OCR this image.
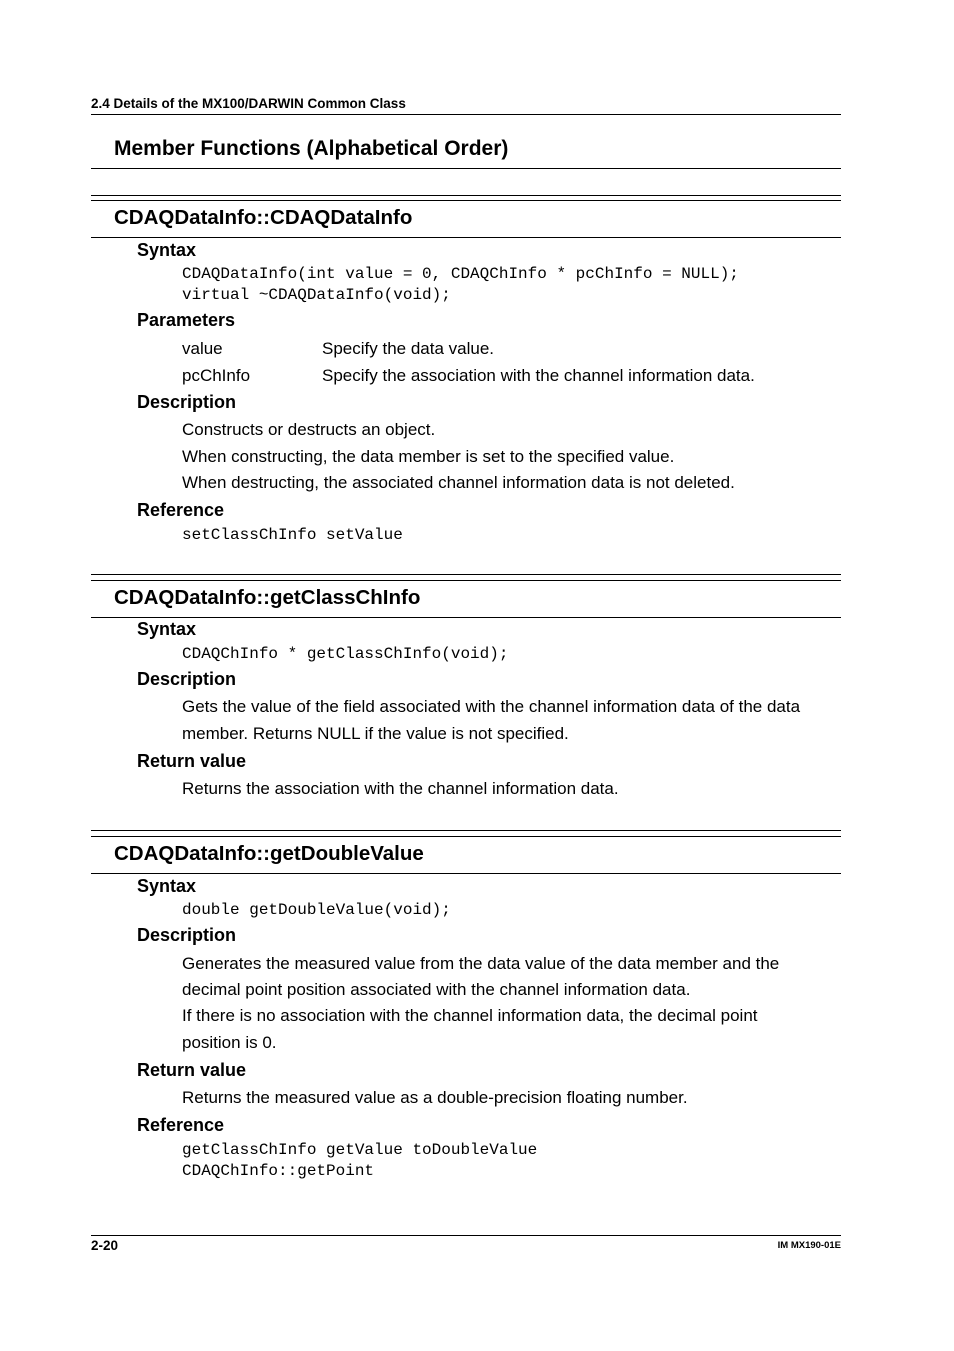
2.4 Details of the MX100/DARWIN Common Class
Member Functions (Alphabetical Order)
CDAQDataInfo::CDAQDataInfo
Syntax
CDAQDataInfo(int value = 0, CDAQChInfo * pcChInfo = NULL);
virtual ~CDAQDataInfo(void);
Parameters
value	Specify the data value.
pcChInfo	Specify the association with the channel information data.
Description
Constructs or destructs an object.
When constructing, the data member is set to the specified value.
When destructing, the associated channel information data is not deleted.
Reference
setClassChInfo setValue
CDAQDataInfo::getClassChInfo
Syntax
CDAQChInfo * getClassChInfo(void);
Description
Gets the value of the field associated with the channel information data of the data
member. Returns NULL if the value is not specified.
Return value
Returns the association with the channel information data.
CDAQDataInfo::getDoubleValue
Syntax
double getDoubleValue(void);
Description
Generates the measured value from the data value of the data member and the
decimal point position associated with the channel information data.
If there is no association with the channel information data, the decimal point
position is 0.
Return value
Returns the measured value as a double-precision floating number.
Reference
getClassChInfo getValue toDoubleValue
CDAQChInfo::getPoint
2-20	IM MX190-01E
